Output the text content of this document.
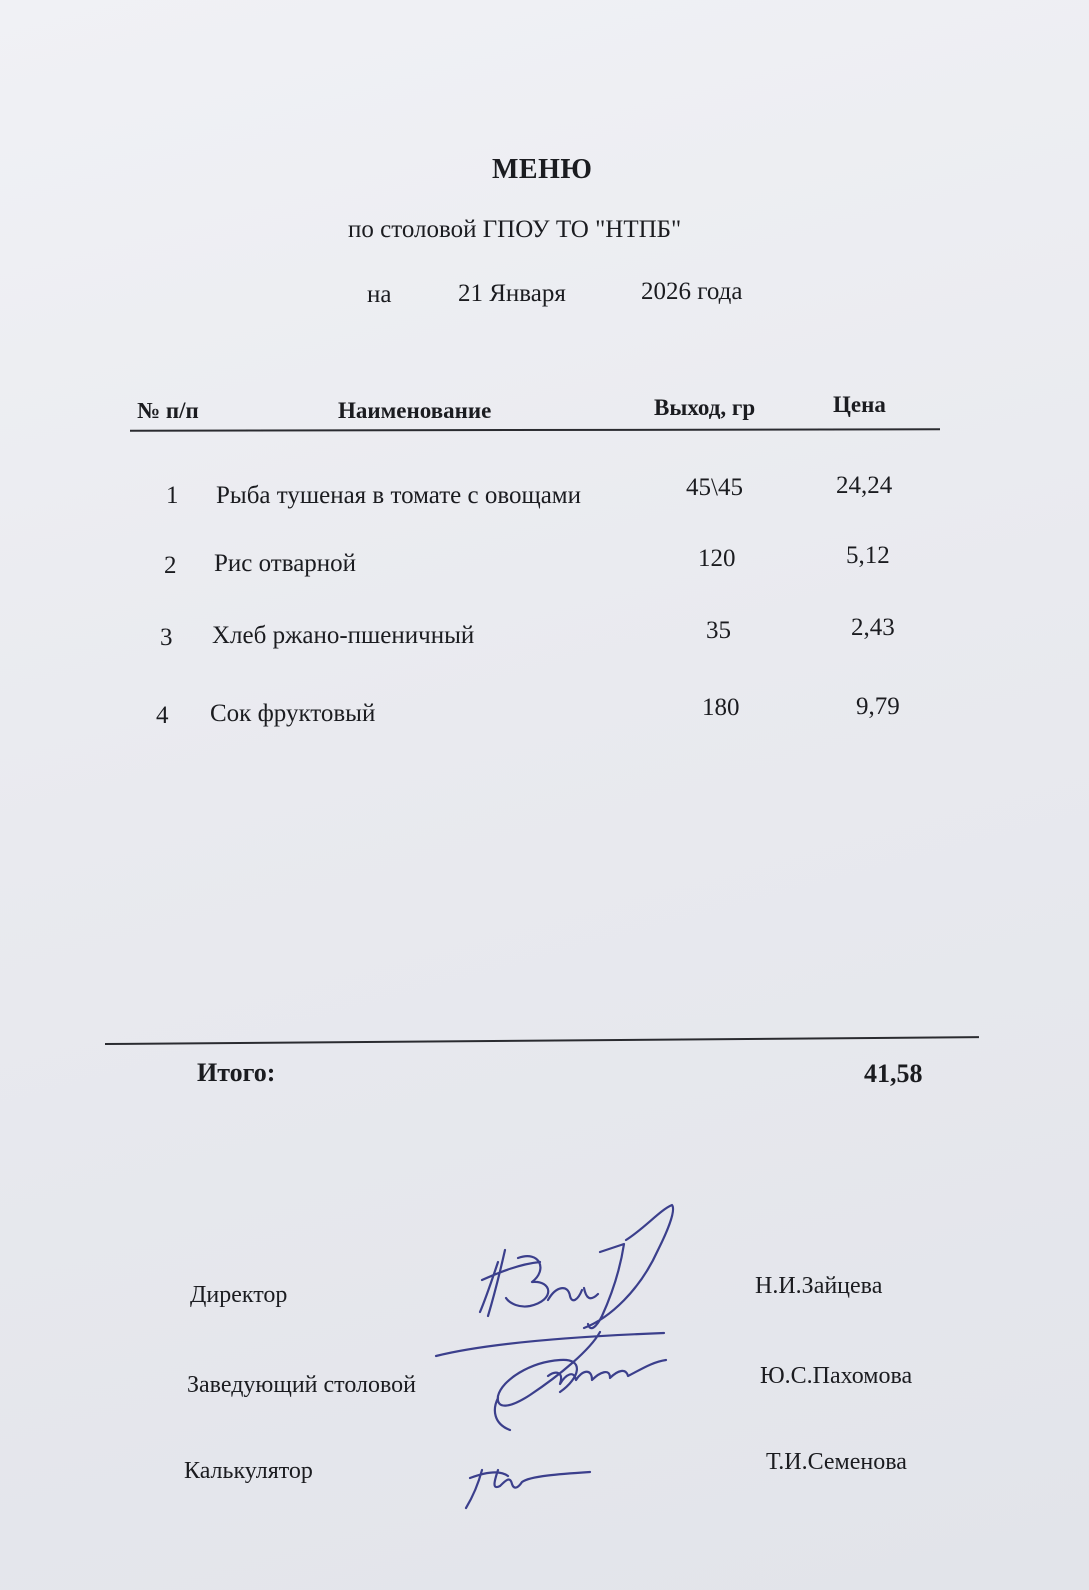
МЕНЮ
по столовой ГПОУ ТО "НТПБ"
на	21 Января	2026 года
№ п/п	Наименование	Выход, гр	Цена
1 Рыба тушеная в томате с овощами	45\45	24,24
2 Рис отварной	120	5,12
3 Хлеб ржано-пшеничный	35	2,43
4 Сок фруктовый	180	9,79
Итого:	41,58
Директор	Н.И.Зайцева
Заведующий столовой	Ю.С.Пахомова
Калькулятор	Т.И.Семенова
